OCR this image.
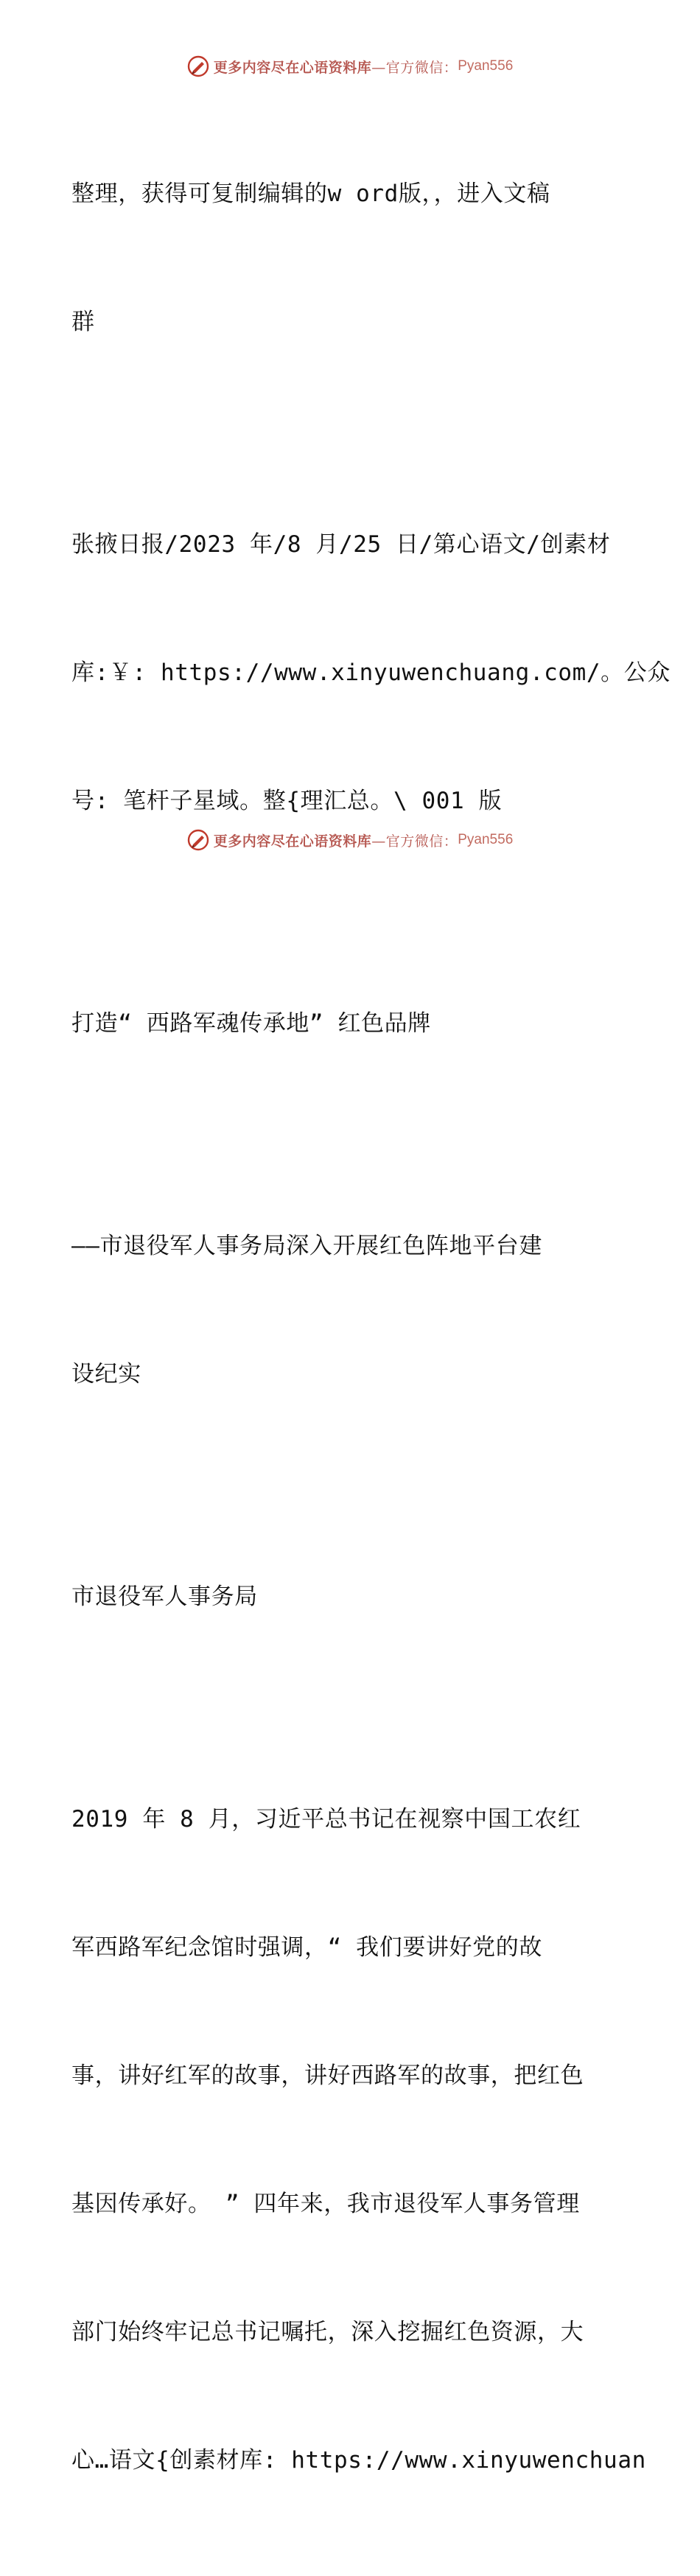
更多内容尽在心语资料库 —官方微信： Pyan556

整理，获得可复制编辑的w ord版，，进入文稿

群

张掖日报/2023 年/8 月/25 日/第心语文/创素材

库:￥: https://www.xinyuwenchuang.com/。公众

号: 笔杆子星域。整{理汇总。\ 001 版

打造“ 西路军魂传承地” 红色品牌

——市退役军人事务局深入开展红色阵地平台建

设纪实

市退役军人事务局

2019 年 8 月，习近平总书记在视察中国工农红

军西路军纪念馆时强调，“ 我们要讲好党的故

事，讲好红军的故事，讲好西路军的故事，把红色

基因传承好。 ” 四年来，我市退役军人事务管理

部门始终牢记总书记嘱托，深入挖掘红色资源，大

心…语文{创素材库: https://www.xinyuwenchuan

更多内容尽在心语资料库 —官方微信： Pyan556
